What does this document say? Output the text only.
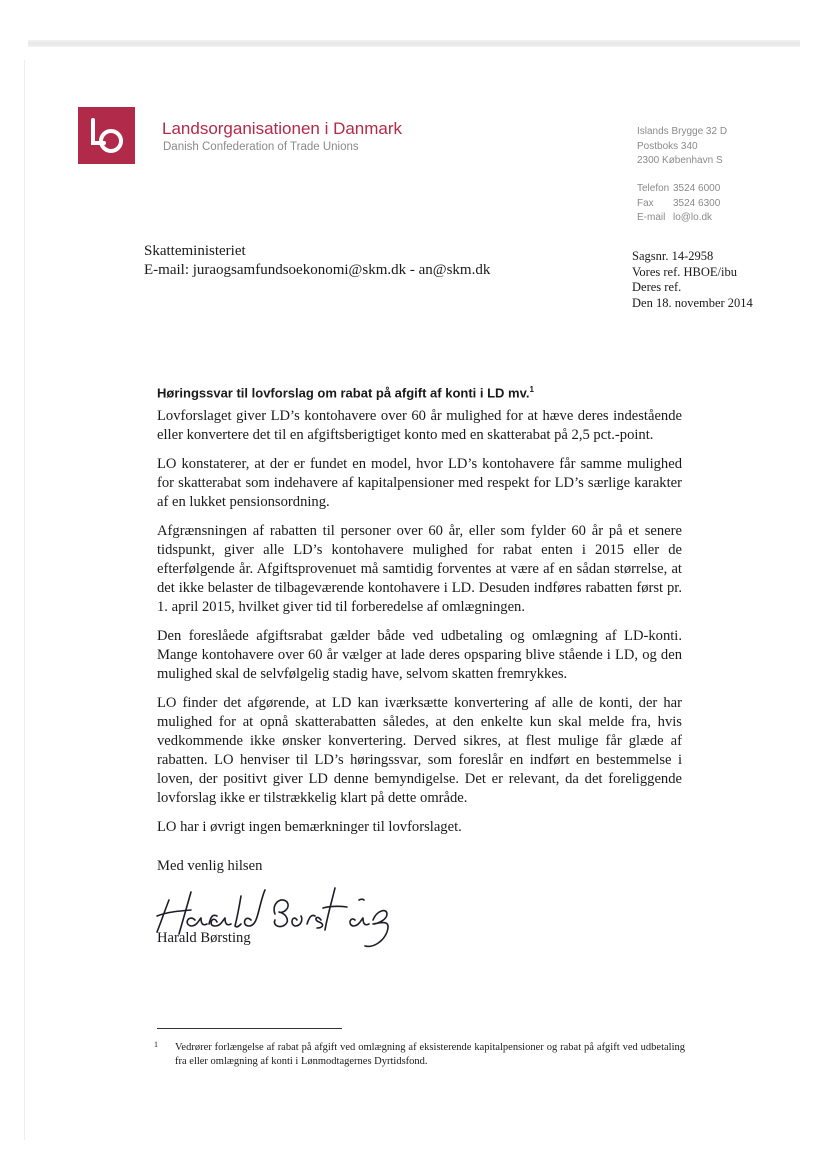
Landsorganisationen i Danmark
Danish Confederation of Trade Unions
Islands Brygge 32 D
Postboks 340
2300 København S
Telefon 3524 6000
Fax 3524 6300
E-mail lo@lo.dk
Skatteministeriet
E-mail: juraogsamfundsoekonomi@skm.dk - an@skm.dk
Sagsnr. 14-2958
Vores ref. HBOE/ibu
Deres ref.
Den 18. november 2014
Høringssvar til lovforslag om rabat på afgift af konti i LD mv.$^1$

Lovforslaget giver LD’s kontohavere over 60 år mulighed for at hæve deres indestående eller konvertere det til en afgiftsberigtiget konto med en skatterabat på 2,5 pct.-point.

LO konstaterer, at der er fundet en model, hvor LD’s kontohavere får samme mulighed for skatterabat som indehavere af kapitalpensioner med respekt for LD’s særlige karakter af en lukket pensionsordning.

Afgrænsningen af rabatten til personer over 60 år, eller som fylder 60 år på et senere tidspunkt, giver alle LD’s kontohavere mulighed for rabat enten i 2015 eller de efterfølgende år. Afgiftsprovenuet må samtidig forventes at være af en sådan størrelse, at det ikke belaster de tilbageværende kontohavere i LD. Desuden indføres rabatten først pr. 1. april 2015, hvilket giver tid til forberedelse af omlægningen.

Den foreslåede afgiftsrabat gælder både ved udbetaling og omlægning af LD-konti. Mange kontohavere over 60 år vælger at lade deres opsparing blive stående i LD, og den mulighed skal de selvfølgelig stadig have, selvom skatten fremrykkes.

LO finder det afgørende, at LD kan iværksætte konvertering af alle de konti, der har mulighed for at opnå skatterabatten således, at den enkelte kun skal melde fra, hvis vedkommende ikke ønsker konvertering. Derved sikres, at flest mulige får glæde af rabatten. LO henviser til LD’s høringssvar, som foreslår en indført en bestemmelse i loven, der positivt giver LD denne bemyndigelse. Det er relevant, da det foreliggende lovforslag ikke er tilstrækkelig klart på dette område.

LO har i øvrigt ingen bemærkninger til lovforslaget.

Med venlig hilsen
Harald Børsting
1 Vedrører forlængelse af rabat på afgift ved omlægning af eksisterende kapitalpensioner og rabat på afgift ved udbetaling fra eller omlægning af konti i Lønmodtagernes Dyrtidsfond.
